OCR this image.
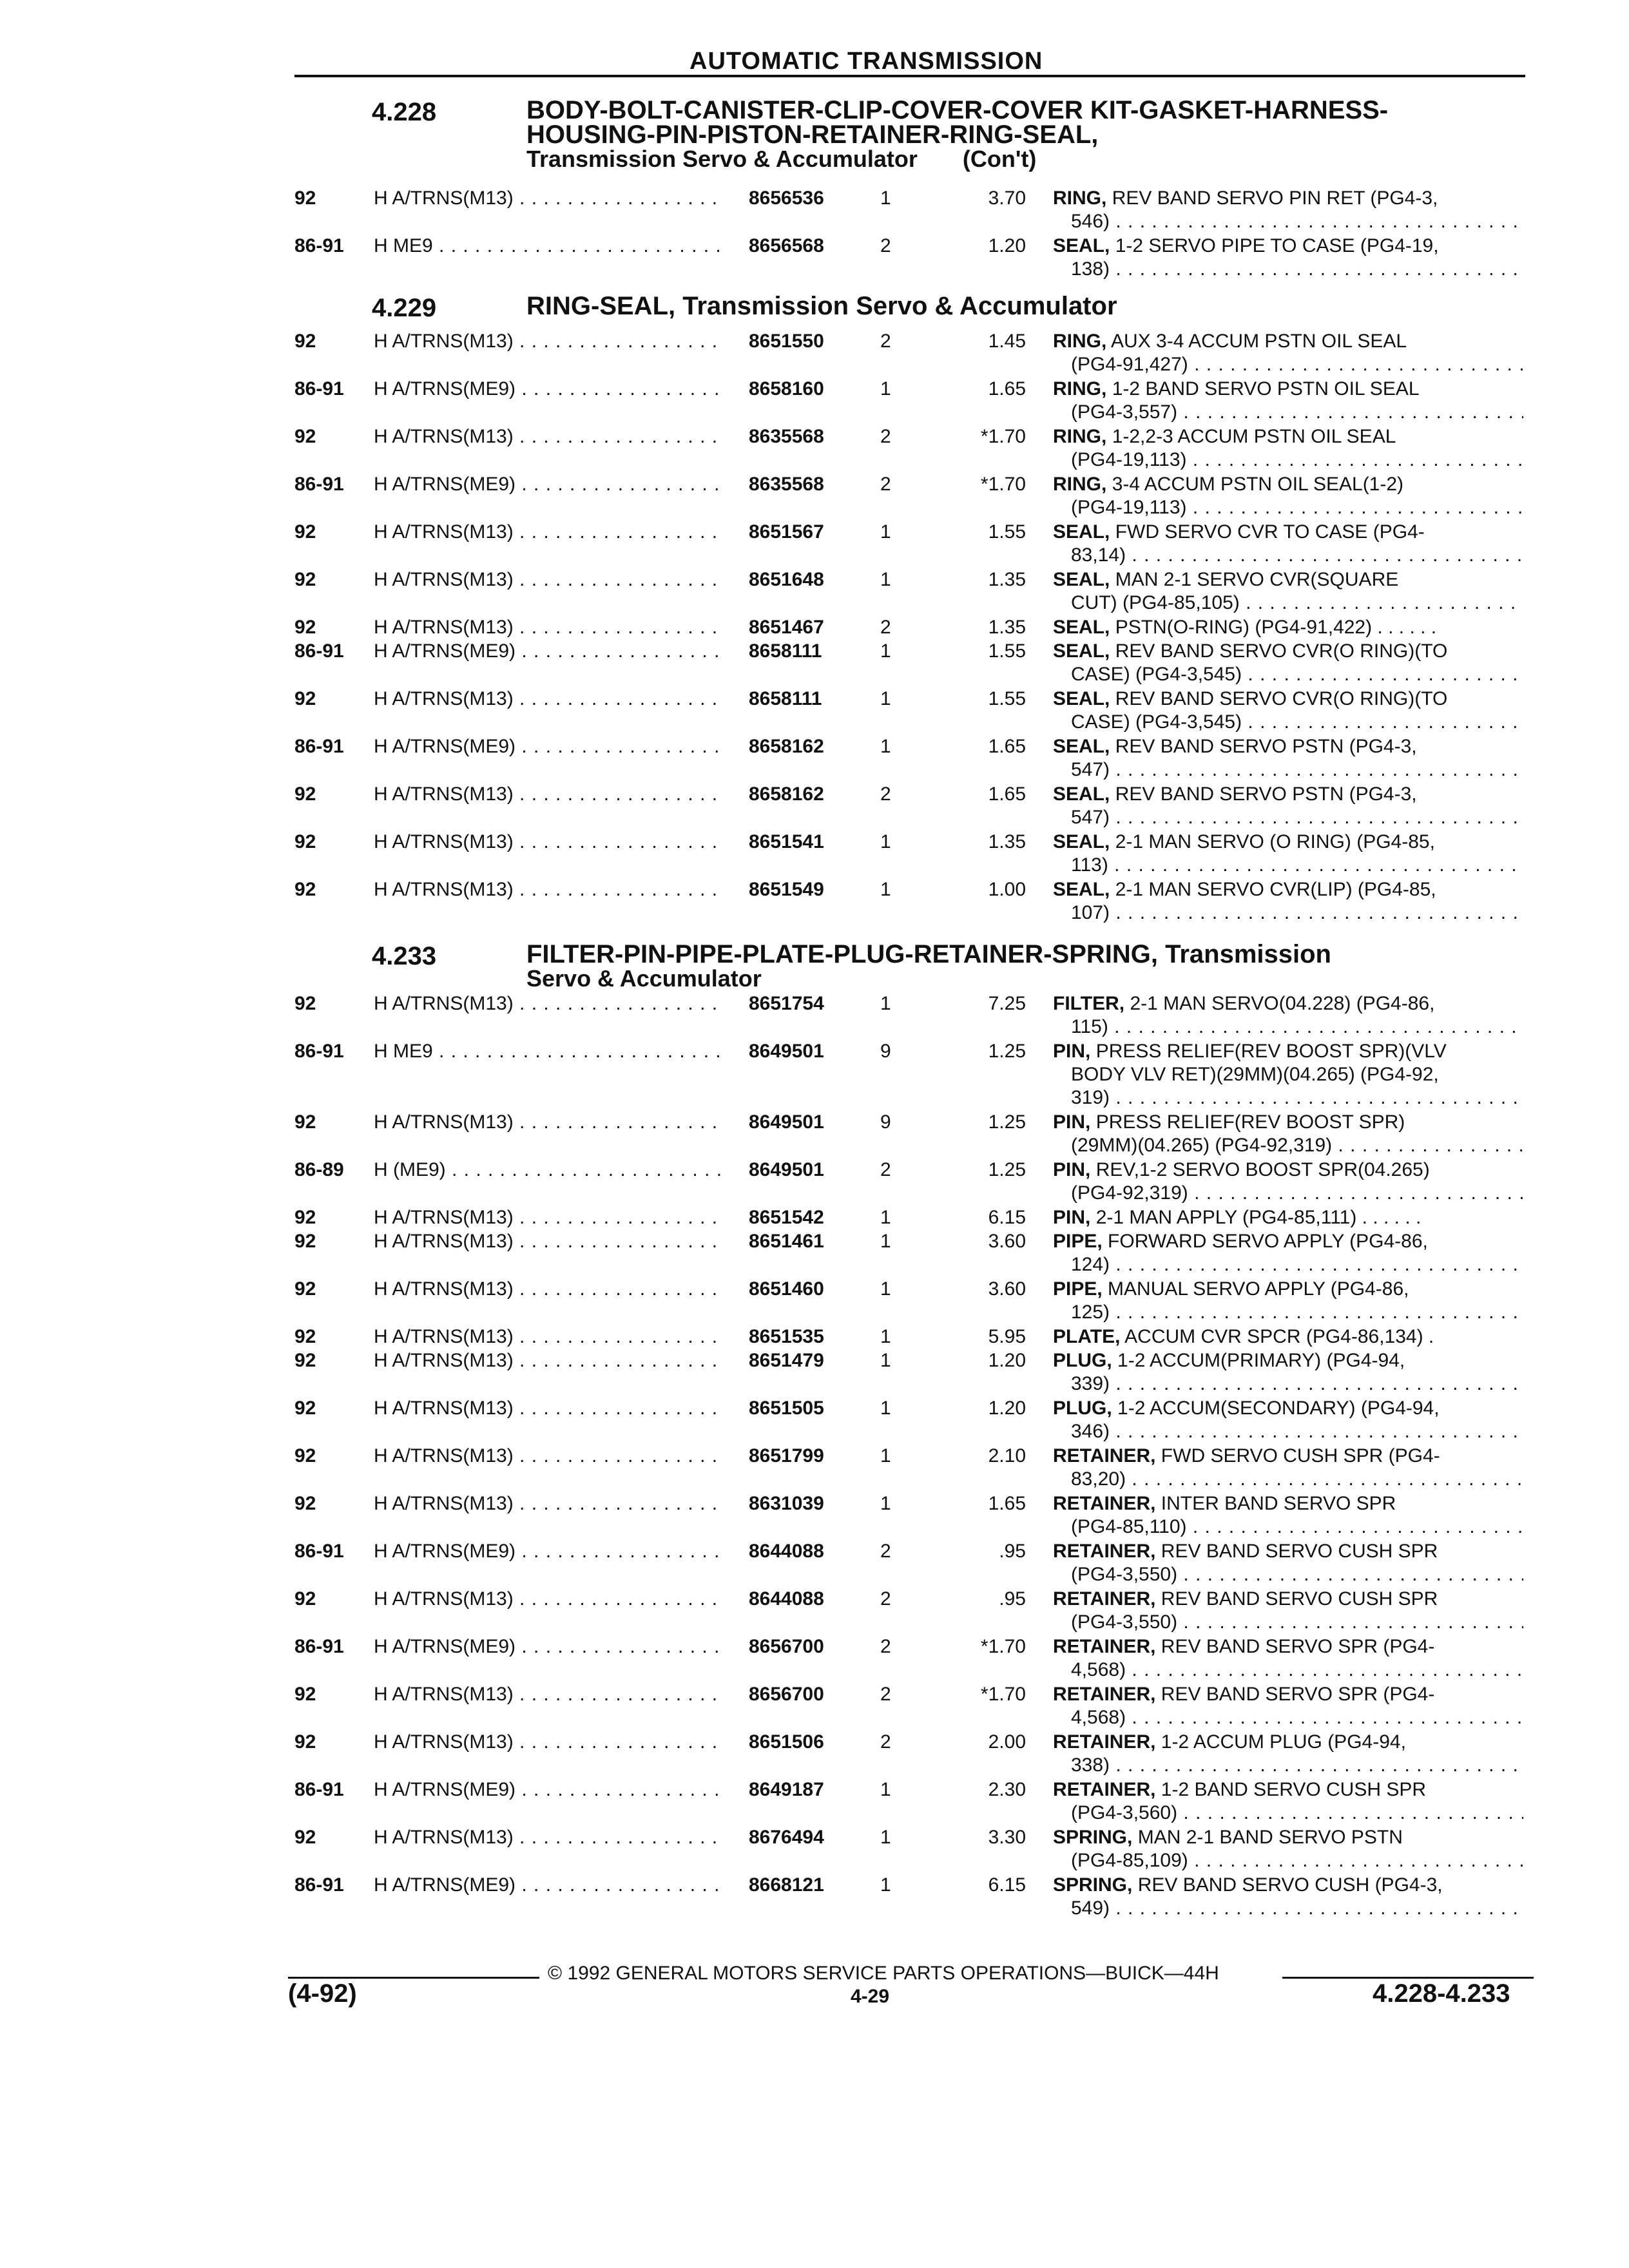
AUTOMATIC TRANSMISSION
4.228	BODY-BOLT-CANISTER-CLIP-COVER-COVER KIT-GASKET-HARNESS-HOUSING-PIN-PISTON-RETAINER-RING-SEAL,
Transmission Servo & Accumulator (Con't)
4.229	RING-SEAL, Transmission Servo & Accumulator
4.233	FILTER-PIN-PIPE-PLATE-PLUG-RETAINER-SPRING, Transmission
Servo & Accumulator
92	H A/TRNS(M13) . . .	8656536	1	3.70 RING, REV BAND SERVO PIN RET (PG4-3,
546) . . .
86-91 H ME9 . . .	8656568	2	1.20 SEAL, 1-2 SERVO PIPE TO CASE (PG4-19,
138) . . .
92	H A/TRNS(M13) . . .	8651550	2	1.45 RING, AUX 3-4 ACCUM PSTN OIL SEAL
(PG4-91,427) . . .
86-91 H A/TRNS(ME9) . . .	8658160	1	1.65 RING, 1-2 BAND SERVO PSTN OIL SEAL
(PG4-3,557) . . .
92	H A/TRNS(M13) . . .	8635568	2	*1.70 RING, 1-2,2-3 ACCUM PSTN OIL SEAL
(PG4-19,113) . . .
86-91 H A/TRNS(ME9) . . .	8635568	2	*1.70 RING, 3-4 ACCUM PSTN OIL SEAL(1-2)
(PG4-19,113) . . .
92	H A/TRNS(M13) . . .	8651567	1	1.55 SEAL, FWD SERVO CVR TO CASE (PG4-
83,14) . . .
92	H A/TRNS(M13) . . .	8651648	1	1.35 SEAL, MAN 2-1 SERVO CVR(SQUARE
CUT) (PG4-85,105) . . .
92	H A/TRNS(M13) . . .	8651467	2	1.35 SEAL, PSTN(O-RING) (PG4-91,422) . . . . . .
86-91 H A/TRNS(ME9) . . .	8658111	1	1.55 SEAL, REV BAND SERVO CVR(O RING)(TO
CASE) (PG4-3,545) . . .
92	H A/TRNS(M13) . . .	8658111	1	1.55 SEAL, REV BAND SERVO CVR(O RING)(TO
CASE) (PG4-3,545) . . .
86-91 H A/TRNS(ME9) . . .	8658162	1	1.65 SEAL, REV BAND SERVO PSTN (PG4-3,
547) . . .
92	H A/TRNS(M13) . . .	8658162	2	1.65 SEAL, REV BAND SERVO PSTN (PG4-3,
547) . . .
92	H A/TRNS(M13) . . .	8651541	1	1.35 SEAL, 2-1 MAN SERVO (O RING) (PG4-85,
113) . . .
92	H A/TRNS(M13) . . .	8651549	1	1.00 SEAL, 2-1 MAN SERVO CVR(LIP) (PG4-85,
107) . . .
92	H A/TRNS(M13) . . .	8651754	1	7.25 FILTER, 2-1 MAN SERVO(04.228) (PG4-86,
115) . . .
86-91 H ME9 . . .	8649501	9	1.25 PIN, PRESS RELIEF(REV BOOST SPR)(VLV
BODY VLV RET)(29MM)(04.265) (PG4-92,
319) . . .
92	H A/TRNS(M13) . . .	8649501	9	1.25 PIN, PRESS RELIEF(REV BOOST SPR)
(29MM)(04.265) (PG4-92,319) . . .
86-89 H (ME9) . . .	8649501	2	1.25 PIN, REV,1-2 SERVO BOOST SPR(04.265)
(PG4-92,319) . . .
92	H A/TRNS(M13) . . .	8651542	1	6.15 PIN, 2-1 MAN APPLY (PG4-85,111) . . . . . .
92	H A/TRNS(M13) . . .	8651461	1	3.60 PIPE, FORWARD SERVO APPLY (PG4-86,
124) . . .
92	H A/TRNS(M13) . . .	8651460	1	3.60 PIPE, MANUAL SERVO APPLY (PG4-86,
125) . . .
92	H A/TRNS(M13) . . .	8651535	1	5.95 PLATE, ACCUM CVR SPCR (PG4-86,134) .
92	H A/TRNS(M13) . . .	8651479	1	1.20 PLUG, 1-2 ACCUM(PRIMARY) (PG4-94,
339) . . .
92	H A/TRNS(M13) . . .	8651505	1	1.20 PLUG, 1-2 ACCUM(SECONDARY) (PG4-94,
346) . . .
92	H A/TRNS(M13) . . .	8651799	1	2.10 RETAINER, FWD SERVO CUSH SPR (PG4-
83,20) . . .
92	H A/TRNS(M13) . . .	8631039	1	1.65 RETAINER, INTER BAND SERVO SPR
(PG4-85,110) . . .
86-91 H A/TRNS(ME9) . . .	8644088	2	.95 RETAINER, REV BAND SERVO CUSH SPR
(PG4-3,550) . . .
92	H A/TRNS(M13) . . .	8644088	2	.95 RETAINER, REV BAND SERVO CUSH SPR
(PG4-3,550) . . .
86-91 H A/TRNS(ME9) . . .	8656700	2	*1.70 RETAINER, REV BAND SERVO SPR (PG4-
4,568) . . .
92	H A/TRNS(M13) . . .	8656700	2	*1.70 RETAINER, REV BAND SERVO SPR (PG4-
4,568) . . .
92	H A/TRNS(M13) . . .	8651506	2	2.00 RETAINER, 1-2 ACCUM PLUG (PG4-94,
338) . . .
86-91 H A/TRNS(ME9) . . .	8649187	1	2.30 RETAINER, 1-2 BAND SERVO CUSH SPR
(PG4-3,560) . . .
92	H A/TRNS(M13) . . .	8676494	1	3.30 SPRING, MAN 2-1 BAND SERVO PSTN
(PG4-85,109) . . .
86-91 H A/TRNS(ME9) . . .	8668121	1	6.15 SPRING, REV BAND SERVO CUSH (PG4-3,
549) . . .
© 1992 GENERAL MOTORS SERVICE PARTS OPERATIONS—BUICK—44H
(4-92)	4-29	4.228-4.233
